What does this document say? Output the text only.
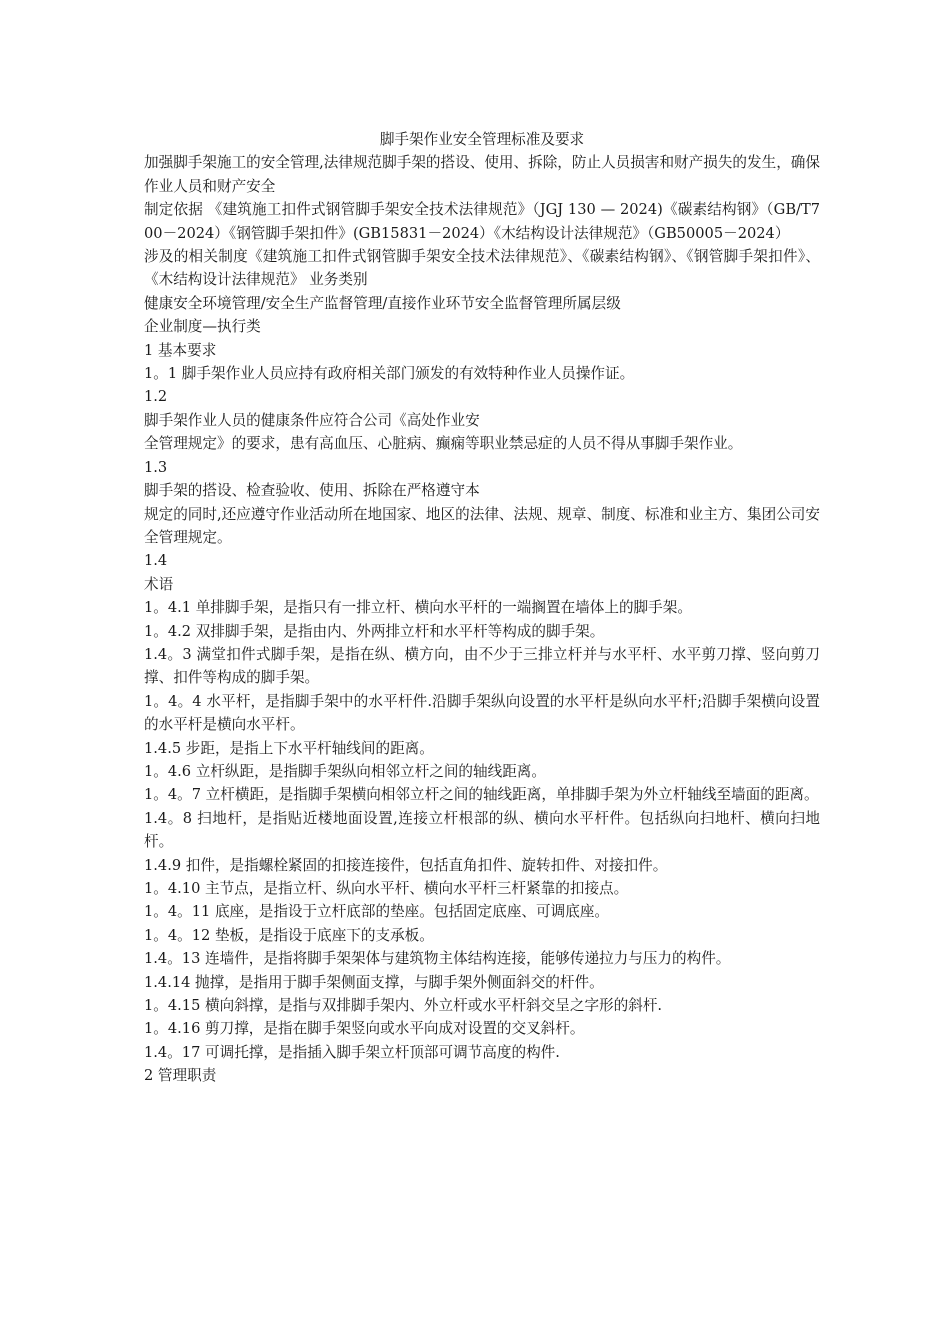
脚手架作业安全管理标准及要求

加强脚手架施工的安全管理,法律规范脚手架的搭设、使用、拆除，防止人员损害和财产损失的发生，确保作业人员和财产安全

制定依据 《建筑施工扣件式钢管脚手架安全技术法律规范》（JGJ 130 — 2024)《碳素结构钢》（GB/T700－2024）《钢管脚手架扣件》(GB15831－2024）《木结构设计法律规范》（GB50005－2024）

涉及的相关制度《建筑施工扣件式钢管脚手架安全技术法律规范》、《碳素结构钢》、《钢管脚手架扣件》、《木结构设计法律规范》 业务类别

健康安全环境管理/安全生产监督管理/直接作业环节安全监督管理所属层级

企业制度—执行类

1 基本要求

1。1 脚手架作业人员应持有政府相关部门颁发的有效特种作业人员操作证。

1.2

脚手架作业人员的健康条件应符合公司《高处作业安

全管理规定》的要求，患有高血压、心脏病、癫痫等职业禁忌症的人员不得从事脚手架作业。

1.3

脚手架的搭设、检查验收、使用、拆除在严格遵守本

规定的同时,还应遵守作业活动所在地国家、地区的法律、法规、规章、制度、标准和业主方、集团公司安全管理规定。

1.4

术语

1。4.1 单排脚手架，是指只有一排立杆、横向水平杆的一端搁置在墙体上的脚手架。

1。4.2 双排脚手架，是指由内、外两排立杆和水平杆等构成的脚手架。

1.4。3 满堂扣件式脚手架，是指在纵、横方向，由不少于三排立杆并与水平杆、水平剪刀撑、竖向剪刀撑、扣件等构成的脚手架。

1。4。4 水平杆，是指脚手架中的水平杆件.沿脚手架纵向设置的水平杆是纵向水平杆;沿脚手架横向设置的水平杆是横向水平杆。

1.4.5 步距，是指上下水平杆轴线间的距离。

1。4.6 立杆纵距，是指脚手架纵向相邻立杆之间的轴线距离。

1。4。7 立杆横距，是指脚手架横向相邻立杆之间的轴线距离，单排脚手架为外立杆轴线至墙面的距离。

1.4。8 扫地杆，是指贴近楼地面设置,连接立杆根部的纵、横向水平杆件。包括纵向扫地杆、横向扫地杆。

1.4.9 扣件，是指螺栓紧固的扣接连接件，包括直角扣件、旋转扣件、对接扣件。

1。4.10 主节点，是指立杆、纵向水平杆、横向水平杆三杆紧靠的扣接点。

1。4。11 底座，是指设于立杆底部的垫座。包括固定底座、可调底座。

1。4。12 垫板，是指设于底座下的支承板。

1.4。13 连墙件，是指将脚手架架体与建筑物主体结构连接，能够传递拉力与压力的构件。

1.4.14 抛撑，是指用于脚手架侧面支撑，与脚手架外侧面斜交的杆件。

1。4.15 横向斜撑，是指与双排脚手架内、外立杆或水平杆斜交呈之字形的斜杆.

1。4.16 剪刀撑，是指在脚手架竖向或水平向成对设置的交叉斜杆。

1.4。17 可调托撑，是指插入脚手架立杆顶部可调节高度的构件.

2 管理职责
